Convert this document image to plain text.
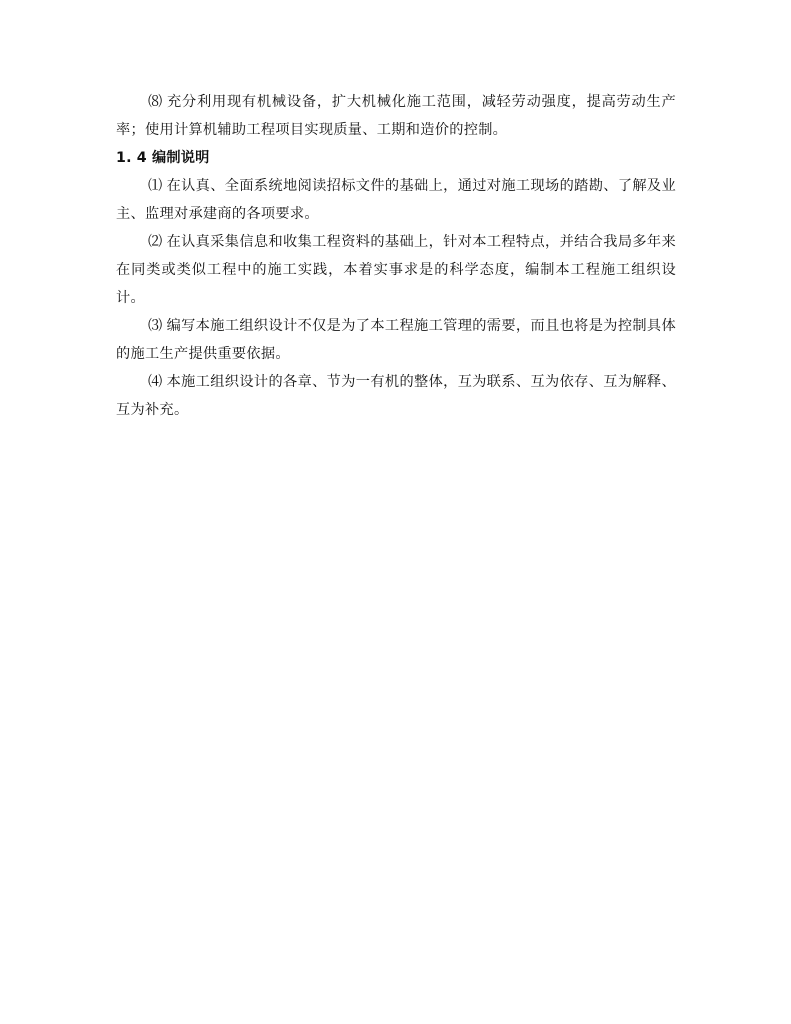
⑻ 充分利用现有机械设备，扩大机械化施工范围，减轻劳动强度，提高劳动生产率；使用计算机辅助工程项目实现质量、工期和造价的控制。

1. 4 编制说明

⑴ 在认真、全面系统地阅读招标文件的基础上，通过对施工现场的踏勘、了解及业主、监理对承建商的各项要求。

⑵ 在认真采集信息和收集工程资料的基础上，针对本工程特点，并结合我局多年来在同类或类似工程中的施工实践，本着实事求是的科学态度，编制本工程施工组织设计。

⑶ 编写本施工组织设计不仅是为了本工程施工管理的需要，而且也将是为控制具体的施工生产提供重要依据。

⑷ 本施工组织设计的各章、节为一有机的整体，互为联系、互为依存、互为解释、互为补充。
